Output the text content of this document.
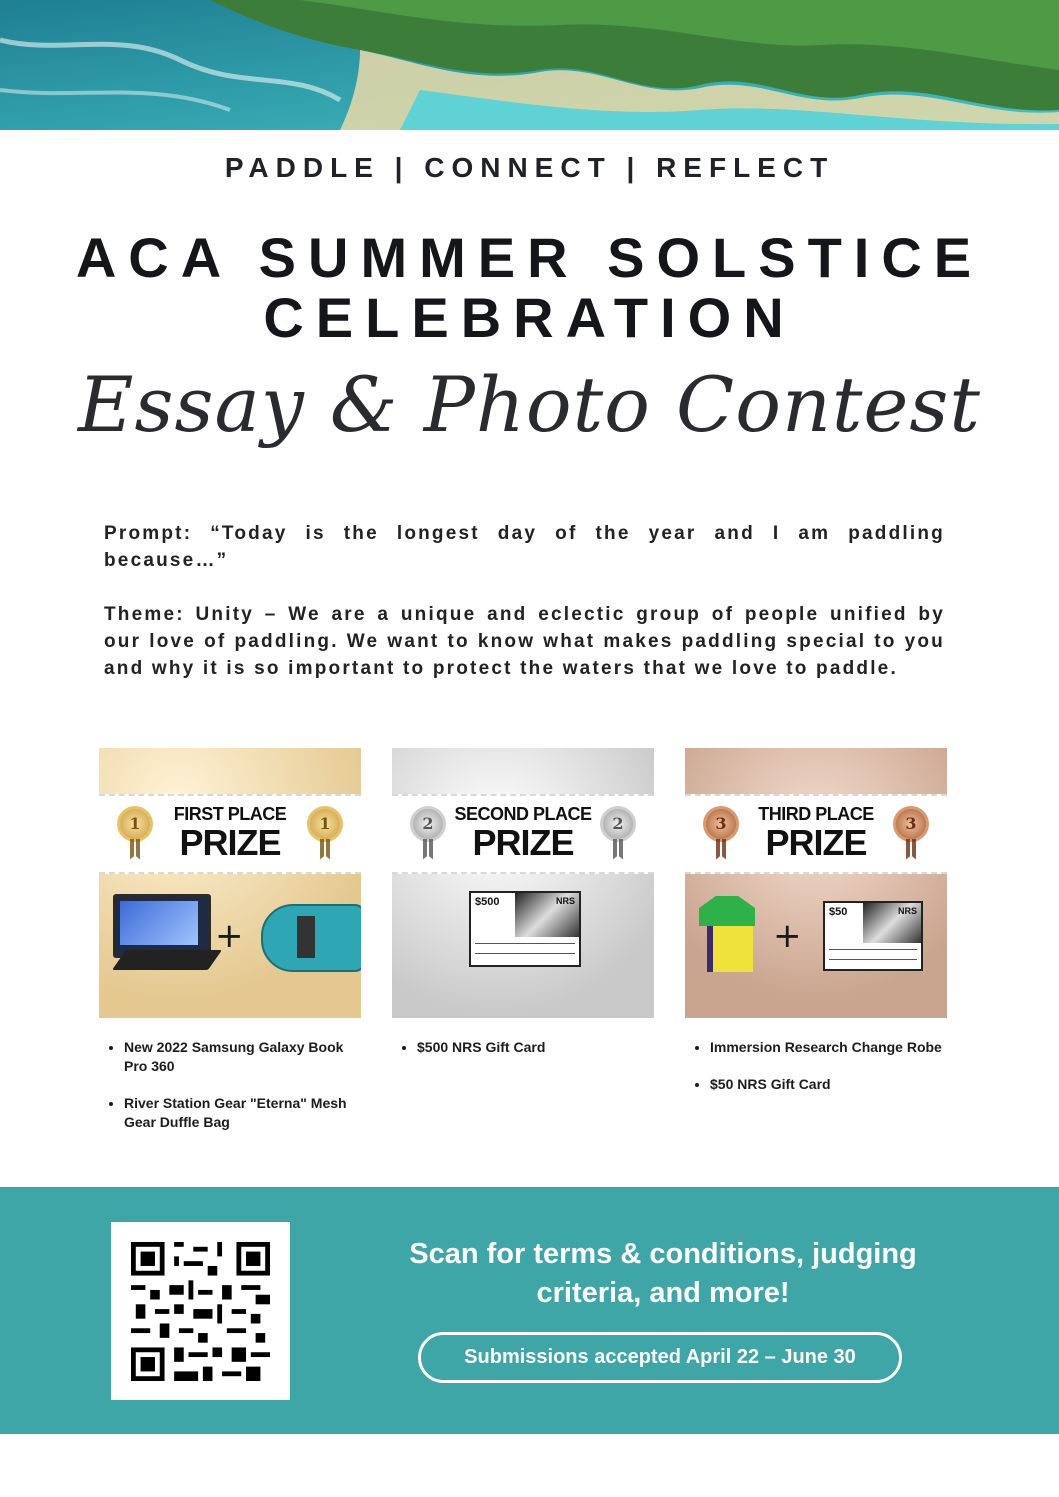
PADDLE | CONNECT | REFLECT
ACA SUMMER SOLSTICE
CELEBRATION
Essay & Photo Contest
Prompt: “Today is the longest day of the year and I am paddling because…”
Theme: Unity – We are a unique and eclectic group of people unified by our love of paddling. We want to know what makes paddling special to you and why it is so important to protect the waters that we love to paddle.
1	1
FIRST PLACE
PRIZE
+
2	2
SECOND PLACE
PRIZE
$500	NRS
3	3
THIRD PLACE
PRIZE
+
$50	NRS
• New 2022 Samsung Galaxy Book Pro 360
• River Station Gear "Eterna" Mesh Gear Duffle Bag
• $500 NRS Gift Card	• Immersion Research Change Robe
• $50 NRS Gift Card
Scan for terms & conditions, judging criteria, and more!
Submissions accepted April 22 – June 30
